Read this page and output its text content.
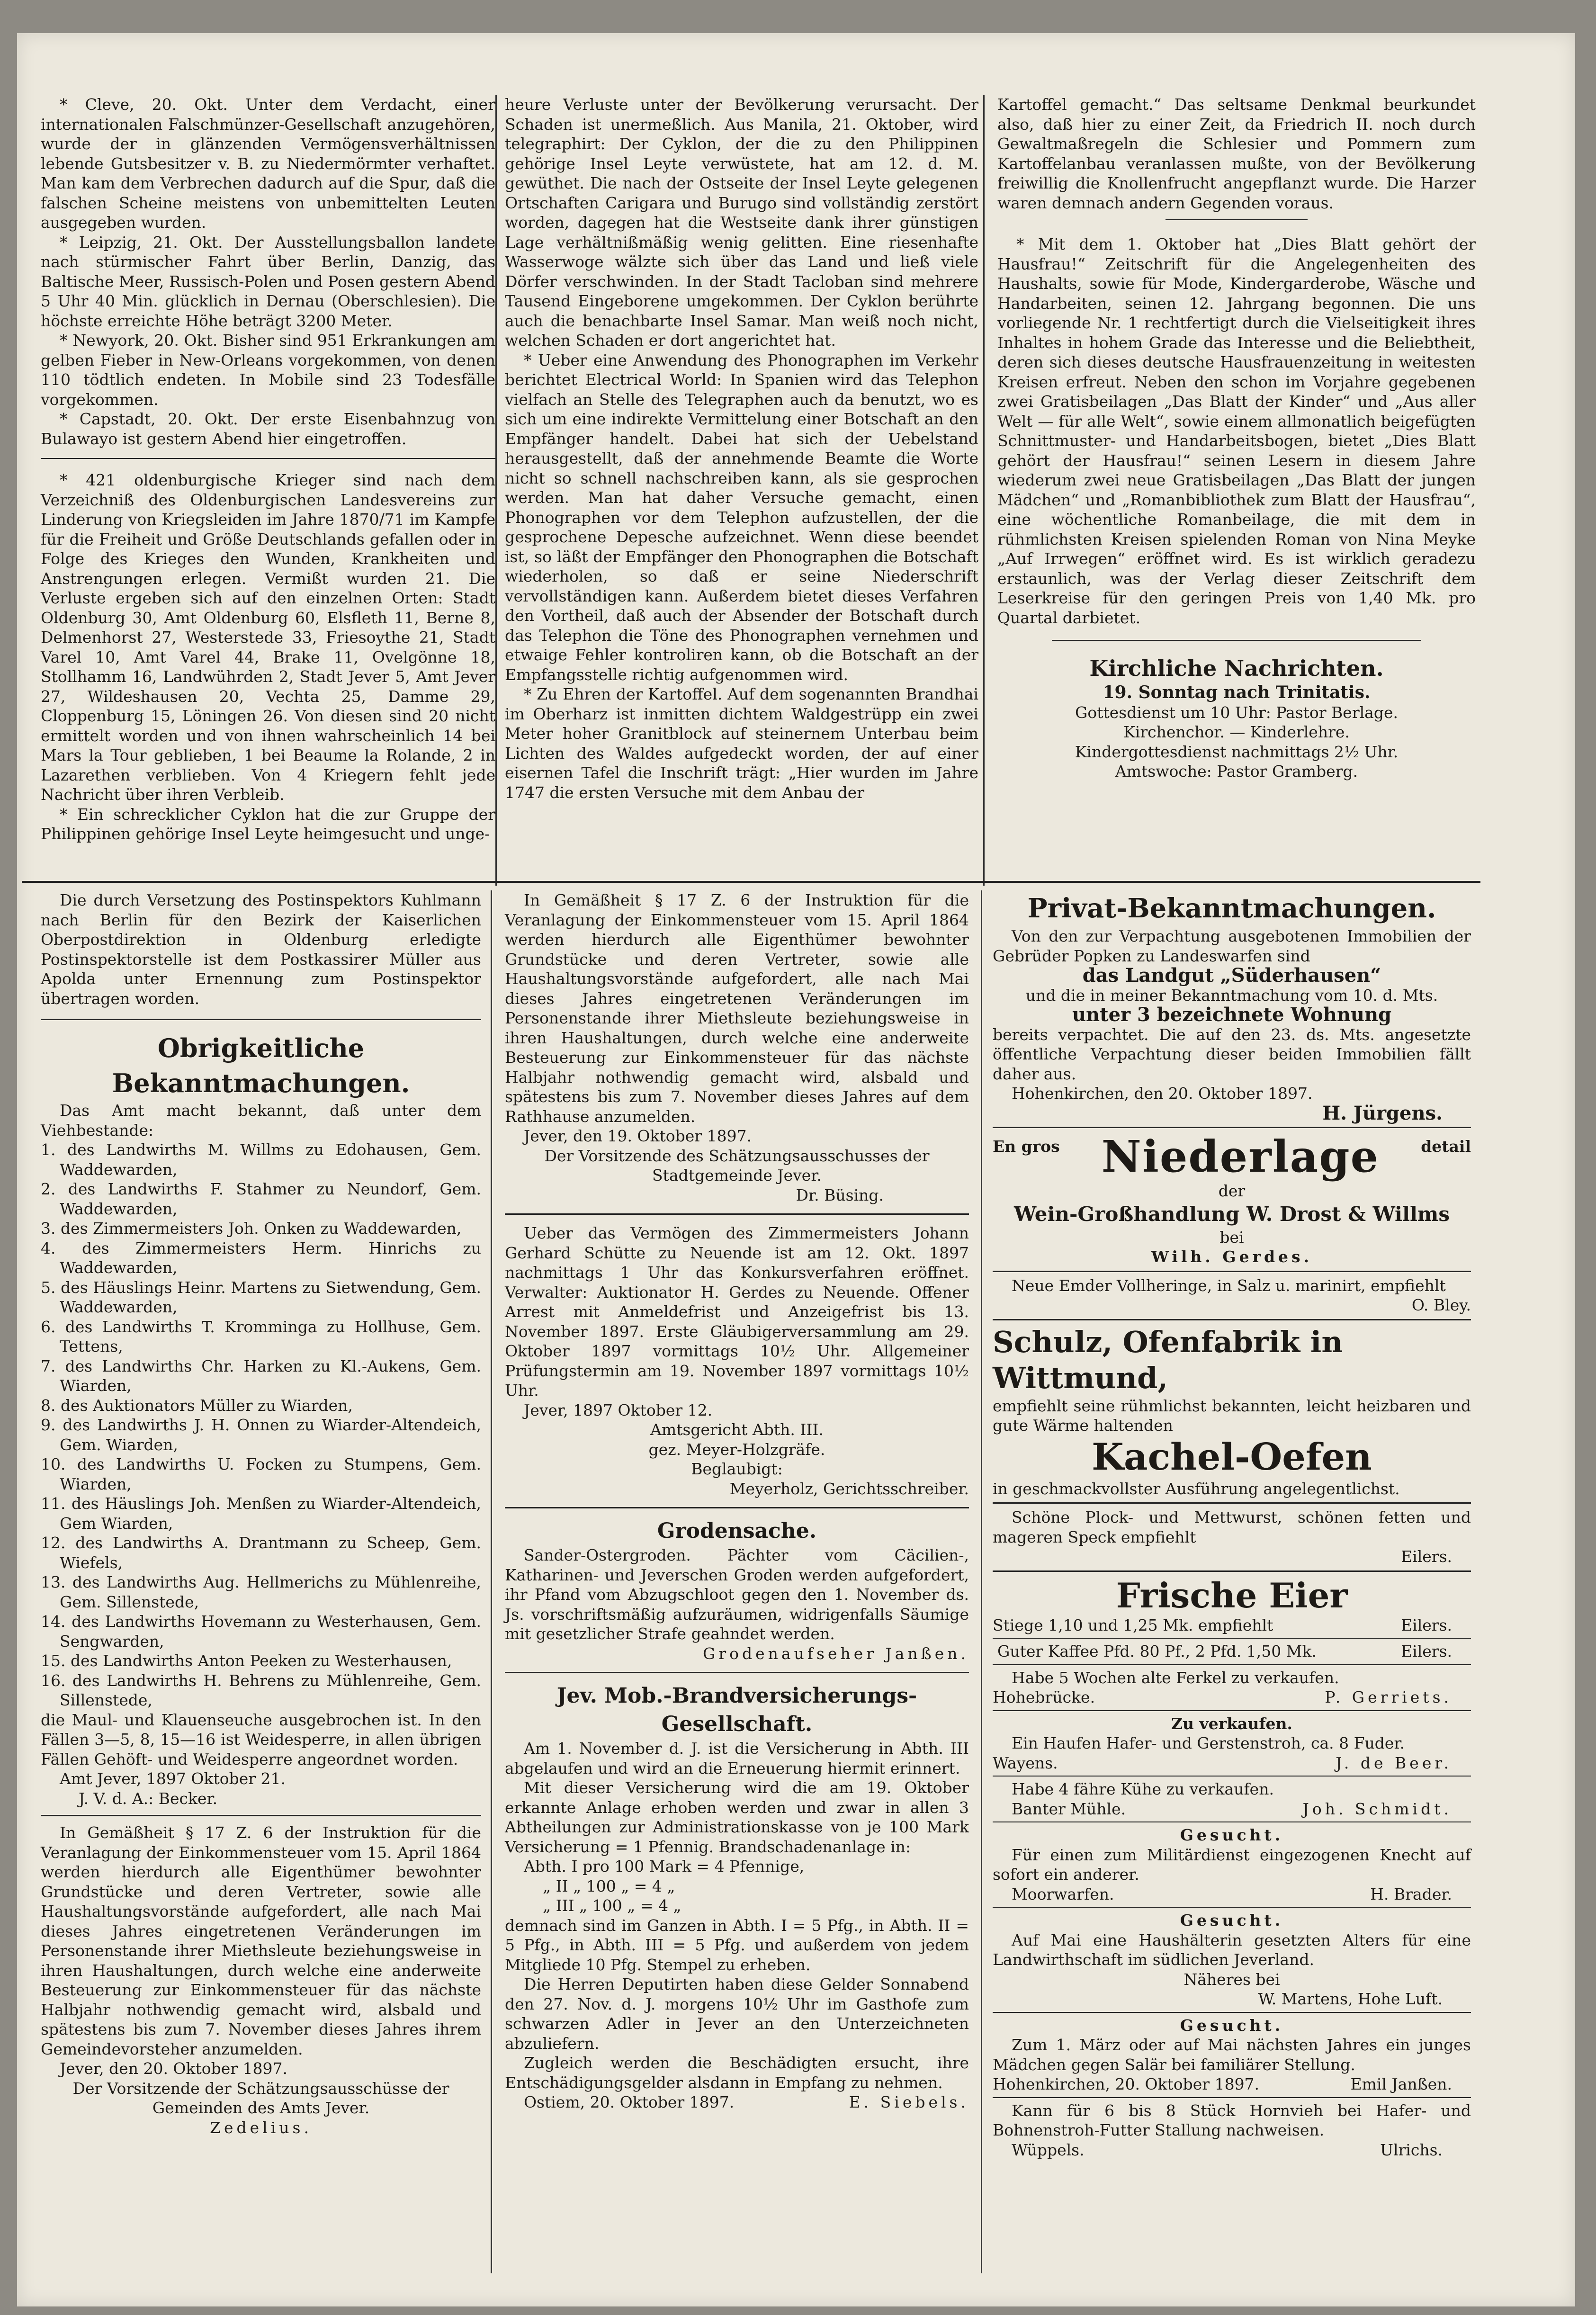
* Cleve, 20. Okt. Unter dem Verdacht, einer internationalen Falschmünzer-Gesellschaft anzugehören, wurde der in glänzenden Vermögensverhältnissen lebende Gutsbesitzer v. B. zu Niedermörmter verhaftet. Man kam dem Verbrechen dadurch auf die Spur, daß die falschen Scheine meistens von unbemittelten Leuten ausgegeben wurden.

* Leipzig, 21. Okt. Der Ausstellungsballon landete nach stürmischer Fahrt über Berlin, Danzig, das Baltische Meer, Russisch-Polen und Posen gestern Abend 5 Uhr 40 Min. glücklich in Dernau (Oberschlesien). Die höchste erreichte Höhe beträgt 3200 Meter.

* Newyork, 20. Okt. Bisher sind 951 Erkrankungen am gelben Fieber in New-Orleans vorgekommen, von denen 110 tödtlich endeten. In Mobile sind 23 Todesfälle vorgekommen.

* Capstadt, 20. Okt. Der erste Eisenbahnzug von Bulawayo ist gestern Abend hier eingetroffen.

* 421 oldenburgische Krieger sind nach dem Verzeichniß des Oldenburgischen Landesvereins zur Linderung von Kriegsleiden im Jahre 1870/71 im Kampfe für die Freiheit und Größe Deutschlands gefallen oder in Folge des Krieges den Wunden, Krankheiten und Anstrengungen erlegen. Vermißt wurden 21. Die Verluste ergeben sich auf den einzelnen Orten: Stadt Oldenburg 30, Amt Oldenburg 60, Elsfleth 11, Berne 8, Delmenhorst 27, Westerstede 33, Friesoythe 21, Stadt Varel 10, Amt Varel 44, Brake 11, Ovelgönne 18, Stollhamm 16, Landwührden 2, Stadt Jever 5, Amt Jever 27, Wildeshausen 20, Vechta 25, Damme 29, Cloppenburg 15, Löningen 26. Von diesen sind 20 nicht ermittelt worden und von ihnen wahrscheinlich 14 bei Mars la Tour geblieben, 1 bei Beaume la Rolande, 2 in Lazarethen verblieben. Von 4 Kriegern fehlt jede Nachricht über ihren Verbleib.

* Ein schrecklicher Cyklon hat die zur Gruppe der Philippinen gehörige Insel Leyte heimgesucht und unge-

heure Verluste unter der Bevölkerung verursacht. Der Schaden ist unermeßlich. Aus Manila, 21. Oktober, wird telegraphirt: Der Cyklon, der die zu den Philippinen gehörige Insel Leyte verwüstete, hat am 12. d. M. gewüthet. Die nach der Ostseite der Insel Leyte gelegenen Ortschaften Carigara und Burugo sind vollständig zerstört worden, dagegen hat die Westseite dank ihrer günstigen Lage verhältnißmäßig wenig gelitten. Eine riesenhafte Wasserwoge wälzte sich über das Land und ließ viele Dörfer verschwinden. In der Stadt Tacloban sind mehrere Tausend Eingeborene umgekommen. Der Cyklon berührte auch die benachbarte Insel Samar. Man weiß noch nicht, welchen Schaden er dort angerichtet hat.

* Ueber eine Anwendung des Phonographen im Verkehr berichtet Electrical World: In Spanien wird das Telephon vielfach an Stelle des Telegraphen auch da benutzt, wo es sich um eine indirekte Vermittelung einer Botschaft an den Empfänger handelt. Dabei hat sich der Uebelstand herausgestellt, daß der annehmende Beamte die Worte nicht so schnell nachschreiben kann, als sie gesprochen werden. Man hat daher Versuche gemacht, einen Phonographen vor dem Telephon aufzustellen, der die gesprochene Depesche aufzeichnet. Wenn diese beendet ist, so läßt der Empfänger den Phonographen die Botschaft wiederholen, so daß er seine Niederschrift vervollständigen kann. Außerdem bietet dieses Verfahren den Vortheil, daß auch der Absender der Botschaft durch das Telephon die Töne des Phonographen vernehmen und etwaige Fehler kontroliren kann, ob die Botschaft an der Empfangsstelle richtig aufgenommen wird.

* Zu Ehren der Kartoffel. Auf dem sogenannten Brandhai im Oberharz ist inmitten dichtem Waldgestrüpp ein zwei Meter hoher Granitblock auf steinernem Unterbau beim Lichten des Waldes aufgedeckt worden, der auf einer eisernen Tafel die Inschrift trägt: „Hier wurden im Jahre 1747 die ersten Versuche mit dem Anbau der

Kartoffel gemacht.“ Das seltsame Denkmal beurkundet also, daß hier zu einer Zeit, da Friedrich II. noch durch Gewaltmaßregeln die Schlesier und Pommern zum Kartoffelanbau veranlassen mußte, von der Bevölkerung freiwillig die Knollenfrucht angepflanzt wurde. Die Harzer waren demnach andern Gegenden voraus.

* Mit dem 1. Oktober hat „Dies Blatt gehört der Hausfrau!“ Zeitschrift für die Angelegenheiten des Haushalts, sowie für Mode, Kindergarderobe, Wäsche und Handarbeiten, seinen 12. Jahrgang begonnen. Die uns vorliegende Nr. 1 rechtfertigt durch die Vielseitigkeit ihres Inhaltes in hohem Grade das Interesse und die Beliebtheit, deren sich dieses deutsche Hausfrauenzeitung in weitesten Kreisen erfreut. Neben den schon im Vorjahre gegebenen zwei Gratisbeilagen „Das Blatt der Kinder“ und „Aus aller Welt — für alle Welt“, sowie einem allmonatlich beigefügten Schnittmuster- und Handarbeitsbogen, bietet „Dies Blatt gehört der Hausfrau!“ seinen Lesern in diesem Jahre wiederum zwei neue Gratisbeilagen „Das Blatt der jungen Mädchen“ und „Romanbibliothek zum Blatt der Hausfrau“, eine wöchentliche Romanbeilage, die mit dem in rühmlichsten Kreisen spielenden Roman von Nina Meyke „Auf Irrwegen“ eröffnet wird. Es ist wirklich geradezu erstaunlich, was der Verlag dieser Zeitschrift dem Leserkreise für den geringen Preis von 1,40 Mk. pro Quartal darbietet.

Kirchliche Nachrichten.
19. Sonntag nach Trinitatis.
Gottesdienst um 10 Uhr: Pastor Berlage.
Kirchenchor. — Kinderlehre.
Kindergottesdienst nachmittags 2½ Uhr.
Amtswoche: Pastor Gramberg.

Die durch Versetzung des Postinspektors Kuhlmann nach Berlin für den Bezirk der Kaiserlichen Oberpostdirektion in Oldenburg erledigte Postinspektorstelle ist dem Postkassirer Müller aus Apolda unter Ernennung zum Postinspektor übertragen worden.

Obrigkeitliche Bekanntmachungen.

Das Amt macht bekannt, daß unter dem Viehbestande:

1. des Landwirths M. Willms zu Edohausen, Gem. Waddewarden,
2. des Landwirths F. Stahmer zu Neundorf, Gem. Waddewarden,
3. des Zimmermeisters Joh. Onken zu Waddewarden,
4. des Zimmermeisters Herm. Hinrichs zu Waddewarden,
5. des Häuslings Heinr. Martens zu Sietwendung, Gem. Waddewarden,
6. des Landwirths T. Kromminga zu Hollhuse, Gem. Tettens,
7. des Landwirths Chr. Harken zu Kl.-Aukens, Gem. Wiarden,
8. des Auktionators Müller zu Wiarden,
9. des Landwirths J. H. Onnen zu Wiarder-Altendeich, Gem. Wiarden,
10. des Landwirths U. Focken zu Stumpens, Gem. Wiarden,
11. des Häuslings Joh. Menßen zu Wiarder-Altendeich, Gem Wiarden,
12. des Landwirths A. Drantmann zu Scheep, Gem. Wiefels,
13. des Landwirths Aug. Hellmerichs zu Mühlenreihe, Gem. Sillenstede,
14. des Landwirths Hovemann zu Westerhausen, Gem. Sengwarden,
15. des Landwirths Anton Peeken zu Westerhausen,
16. des Landwirths H. Behrens zu Mühlenreihe, Gem. Sillenstede,

die Maul- und Klauenseuche ausgebrochen ist. In den Fällen 3—5, 8, 15—16 ist Weidesperre, in allen übrigen Fällen Gehöft- und Weidesperre angeordnet worden.

Amt Jever, 1897 Oktober 21.

J. V. d. A.: Becker.

In Gemäßheit § 17 Z. 6 der Instruktion für die Veranlagung der Einkommensteuer vom 15. April 1864 werden hierdurch alle Eigenthümer bewohnter Grundstücke und deren Vertreter, sowie alle Haushaltungsvorstände aufgefordert, alle nach Mai dieses Jahres eingetretenen Veränderungen im Personenstande ihrer Miethsleute beziehungsweise in ihren Haushaltungen, durch welche eine anderweite Besteuerung zur Einkommensteuer für das nächste Halbjahr nothwendig gemacht wird, alsbald und spätestens bis zum 7. November dieses Jahres ihrem Gemeindevorsteher anzumelden.

Jever, den 20. Oktober 1897.

Der Vorsitzende der Schätzungsausschüsse der Gemeinden des Amts Jever.

Zedelius.

In Gemäßheit § 17 Z. 6 der Instruktion für die Veranlagung der Einkommensteuer vom 15. April 1864 werden hierdurch alle Eigenthümer bewohnter Grundstücke und deren Vertreter, sowie alle Haushaltungsvorstände aufgefordert, alle nach Mai dieses Jahres eingetretenen Veränderungen im Personenstande ihrer Miethsleute beziehungsweise in ihren Haushaltungen, durch welche eine anderweite Besteuerung zur Einkommensteuer für das nächste Halbjahr nothwendig gemacht wird, alsbald und spätestens bis zum 7. November dieses Jahres auf dem Rathhause anzumelden.

Jever, den 19. Oktober 1897.

Der Vorsitzende des Schätzungsausschusses der Stadtgemeinde Jever.

Dr. Büsing.

Ueber das Vermögen des Zimmermeisters Johann Gerhard Schütte zu Neuende ist am 12. Okt. 1897 nachmittags 1 Uhr das Konkursverfahren eröffnet. Verwalter: Auktionator H. Gerdes zu Neuende. Offener Arrest mit Anmeldefrist und Anzeigefrist bis 13. November 1897. Erste Gläubigerversammlung am 29. Oktober 1897 vormittags 10½ Uhr. Allgemeiner Prüfungstermin am 19. November 1897 vormittags 10½ Uhr.

Jever, 1897 Oktober 12.

Amtsgericht Abth. III.

gez. Meyer-Holzgräfe.

Beglaubigt:

Meyerholz, Gerichtsschreiber.

Grodensache.

Sander-Ostergroden. Pächter vom Cäcilien-, Katharinen- und Jeverschen Groden werden aufgefordert, ihr Pfand vom Abzugschloot gegen den 1. November ds. Js. vorschriftsmäßig aufzuräumen, widrigenfalls Säumige mit gesetzlicher Strafe geahndet werden.

Grodenaufseher Janßen.

Jev. Mob.-Brandversicherungs-Gesellschaft.

Am 1. November d. J. ist die Versicherung in Abth. III abgelaufen und wird an die Erneuerung hiermit erinnert.

Mit dieser Versicherung wird die am 19. Oktober erkannte Anlage erhoben werden und zwar in allen 3 Abtheilungen zur Administrationskasse von je 100 Mark Versicherung = 1 Pfennig. Brandschadenanlage in:

Abth. I pro 100 Mark = 4 Pfennige,

„ II „ 100 „ = 4 „

„ III „ 100 „ = 4 „

demnach sind im Ganzen in Abth. I = 5 Pfg., in Abth. II = 5 Pfg., in Abth. III = 5 Pfg. und außerdem von jedem Mitgliede 10 Pfg. Stempel zu erheben.

Die Herren Deputirten haben diese Gelder Sonnabend den 27. Nov. d. J. morgens 10½ Uhr im Gasthofe zum schwarzen Adler in Jever an den Unterzeichneten abzuliefern.

Zugleich werden die Beschädigten ersucht, ihre Entschädigungsgelder alsdann in Empfang zu nehmen.

Ostiem, 20. Oktober 1897.	E. Siebels.
Privat-Bekanntmachungen.

Von den zur Verpachtung ausgebotenen Immobilien der Gebrüder Popken zu Landeswarfen sind

das Landgut „Süderhausen“

und die in meiner Bekanntmachung vom 10. d. Mts.

unter 3 bezeichnete Wohnung

bereits verpachtet. Die auf den 23. ds. Mts. angesetzte öffentliche Verpachtung dieser beiden Immobilien fällt daher aus.

Hohenkirchen, den 20. Oktober 1897.

H. Jürgens.

En gros Niederlage	detail

der

Wein-Großhandlung W. Drost & Willms

bei

Wilh. Gerdes.

Neue Emder Vollheringe, in Salz u. marinirt, empfiehlt

O. Bley.

Schulz, Ofenfabrik in Wittmund,

empfiehlt seine rühmlichst bekannten, leicht heizbaren und gute Wärme haltenden

Kachel-Oefen

in geschmackvollster Ausführung angelegentlichst.

Schöne Plock- und Mettwurst, schönen fetten und mageren Speck empfiehlt

Eilers.

Frische Eier

Stiege 1,10 und 1,25 Mk. empfiehlt	Eilers.
Guter Kaffee Pfd. 80 Pf., 2 Pfd. 1,50 Mk.	Eilers.

Habe 5 Wochen alte Ferkel zu verkaufen.

Hohebrücke.	P. Gerriets.

Zu verkaufen.

Ein Haufen Hafer- und Gerstenstroh, ca. 8 Fuder.

Wayens.	J. de Beer.

Habe 4 fähre Kühe zu verkaufen.

Banter Mühle.	Joh. Schmidt.

Gesucht.

Für einen zum Militärdienst eingezogenen Knecht auf sofort ein anderer.

Moorwarfen.	H. Brader.

Gesucht.

Auf Mai eine Haushälterin gesetzten Alters für eine Landwirthschaft im südlichen Jeverland.

Näheres bei

W. Martens, Hohe Luft.

Gesucht.

Zum 1. März oder auf Mai nächsten Jahres ein junges Mädchen gegen Salär bei familiärer Stellung.

Hohenkirchen, 20. Oktober 1897.	Emil Janßen.

Kann für 6 bis 8 Stück Hornvieh bei Hafer- und Bohnenstroh-Futter Stallung nachweisen.

Wüppels.	Ulrichs.
